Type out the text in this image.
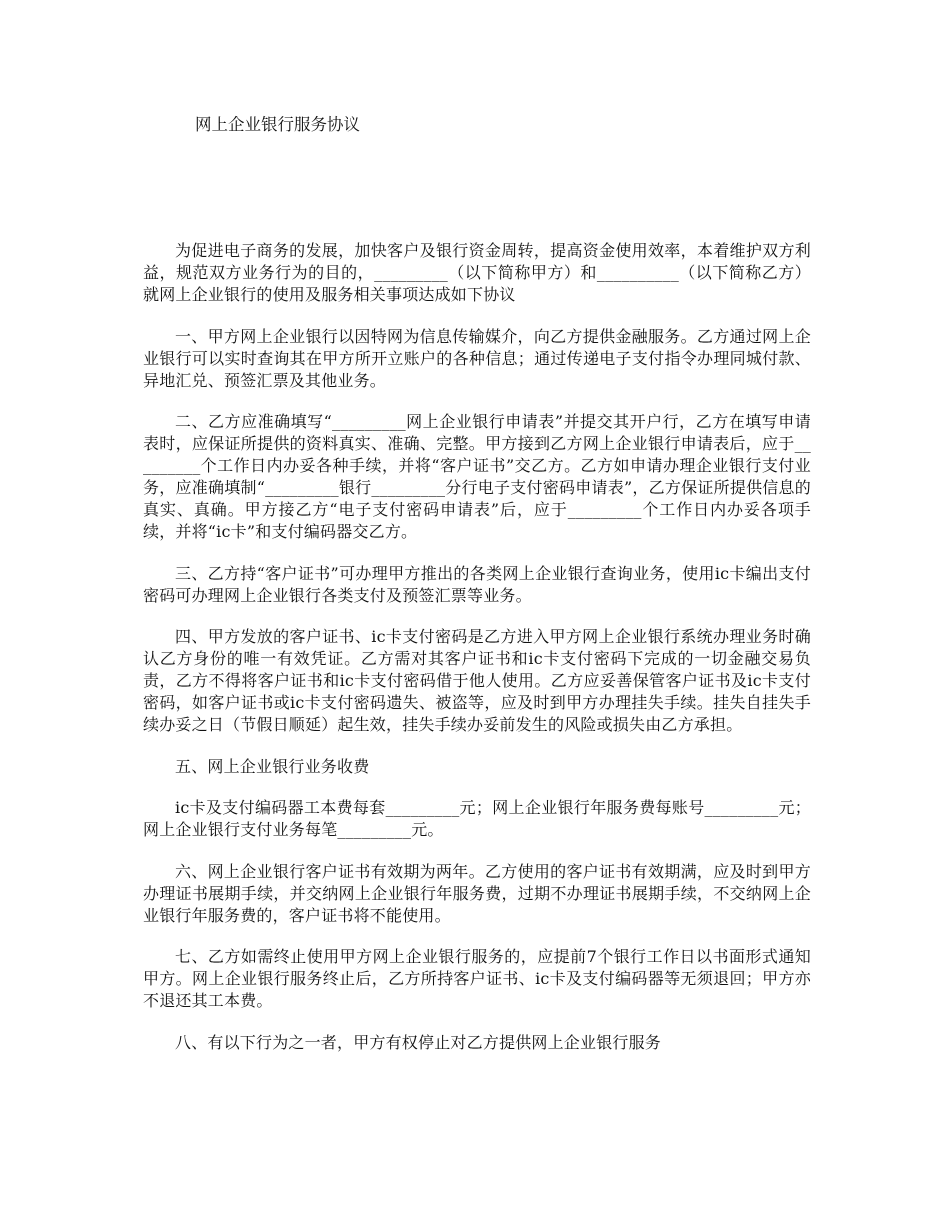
网上企业银行服务协议

为促进电子商务的发展，加快客户及银行资金周转，提高资金使用效率，本着维护双方利益，规范双方业务行为的目的，_________（以下简称甲方）和__________（以下简称乙方）就网上企业银行的使用及服务相关事项达成如下协议

一、甲方网上企业银行以因特网为信息传输媒介，向乙方提供金融服务。乙方通过网上企业银行可以实时查询其在甲方所开立账户的各种信息；通过传递电子支付指令办理同城付款、异地汇兑、预签汇票及其他业务。

二、乙方应准确填写“_________网上企业银行申请表”并提交其开户行，乙方在填写申请表时，应保证所提供的资料真实、准确、完整。甲方接到乙方网上企业银行申请表后，应于_________个工作日内办妥各种手续，并将“客户证书”交乙方。乙方如申请办理企业银行支付业务，应准确填制“_________银行_________分行电子支付密码申请表”，乙方保证所提供信息的真实、真确。甲方接乙方“电子支付密码申请表”后，应于_________个工作日内办妥各项手续，并将“ic卡”和支付编码器交乙方。

三、乙方持“客户证书”可办理甲方推出的各类网上企业银行查询业务，使用ic卡编出支付密码可办理网上企业银行各类支付及预签汇票等业务。

四、甲方发放的客户证书、ic卡支付密码是乙方进入甲方网上企业银行系统办理业务时确认乙方身份的唯一有效凭证。乙方需对其客户证书和ic卡支付密码下完成的一切金融交易负责，乙方不得将客户证书和ic卡支付密码借于他人使用。乙方应妥善保管客户证书及ic卡支付密码，如客户证书或ic卡支付密码遗失、被盗等，应及时到甲方办理挂失手续。挂失自挂失手续办妥之日（节假日顺延）起生效，挂失手续办妥前发生的风险或损失由乙方承担。

五、网上企业银行业务收费

ic卡及支付编码器工本费每套_________元；网上企业银行年服务费每账号_________元；网上企业银行支付业务每笔_________元。

六、网上企业银行客户证书有效期为两年。乙方使用的客户证书有效期满，应及时到甲方办理证书展期手续，并交纳网上企业银行年服务费，过期不办理证书展期手续，不交纳网上企业银行年服务费的，客户证书将不能使用。

七、乙方如需终止使用甲方网上企业银行服务的，应提前7个银行工作日以书面形式通知甲方。网上企业银行服务终止后，乙方所持客户证书、ic卡及支付编码器等无须退回；甲方亦不退还其工本费。

八、有以下行为之一者，甲方有权停止对乙方提供网上企业银行服务
